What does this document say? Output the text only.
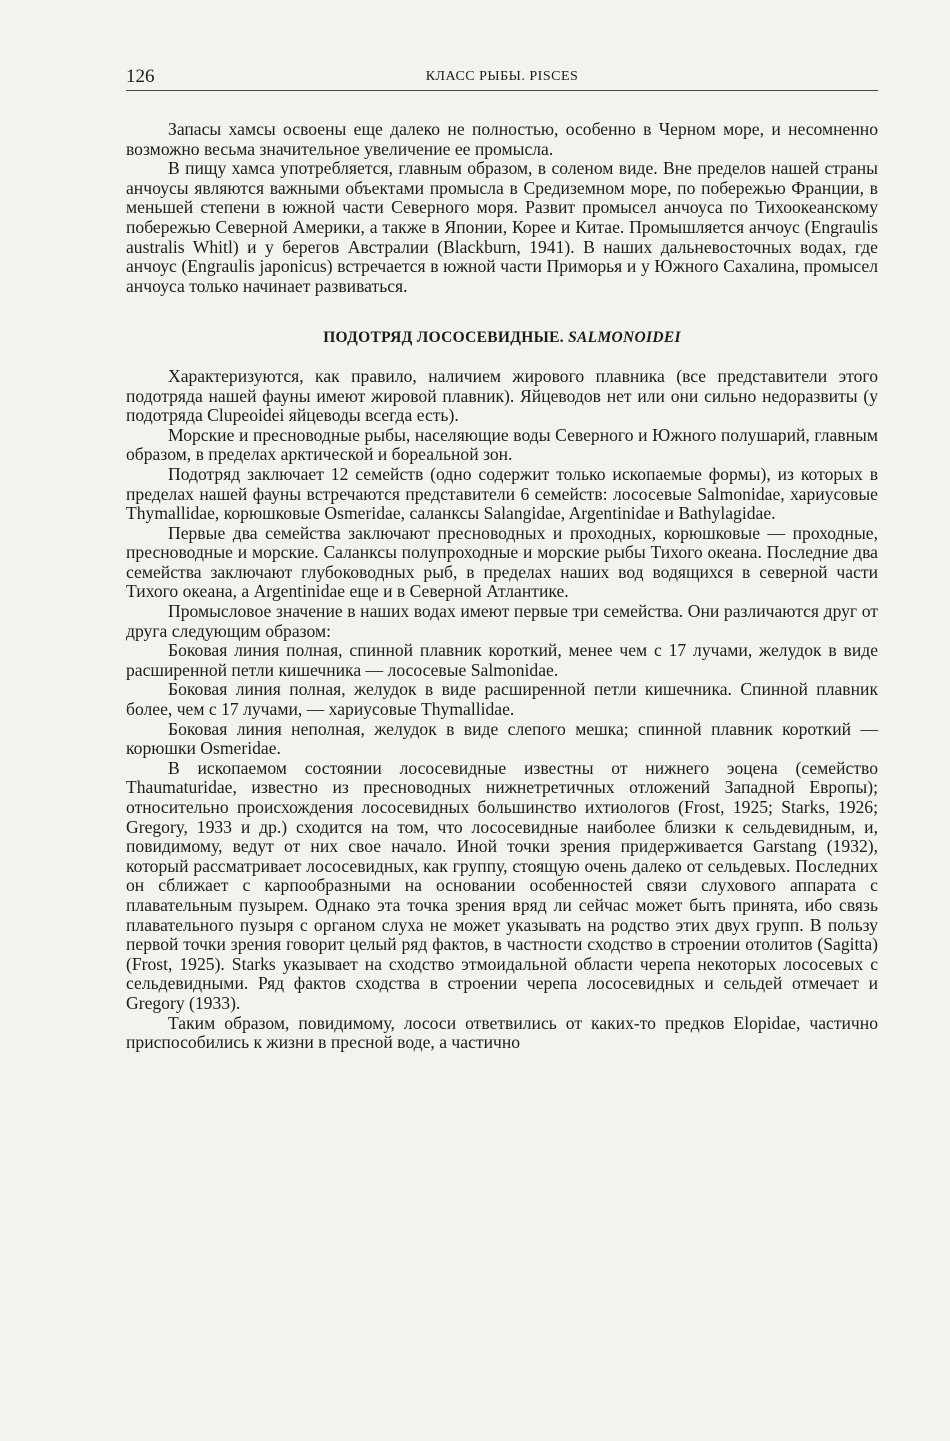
126	КЛАСС РЫБЫ. PISCES

Запасы хамсы освоены еще далеко не полностью, особенно в Черном море, и несомненно возможно весьма значительное увеличение ее промысла.

В пищу хамса употребляется, главным образом, в соленом виде. Вне пределов нашей страны анчоусы являются важными объектами промысла в Средиземном море, по побережью Франции, в меньшей степени в южной части Северного моря. Развит промысел анчоуса по Тихоокеанскому побережью Северной Америки, а также в Японии, Корее и Китае. Промышляется анчоус (Engraulis australis Whitl) и у берегов Австралии (Blackburn, 1941). В наших дальневосточных водах, где анчоус (Engraulis japonicus) встречается в южной части Приморья и у Южного Сахалина, промысел анчоуса только начинает развиваться.

ПОДОТРЯД ЛОСОСЕВИДНЫЕ. SALMONOIDEI

Характеризуются, как правило, наличием жирового плавника (все представители этого подотряда нашей фауны имеют жировой плавник). Яйцеводов нет или они сильно недоразвиты (у подотряда Clupeoidei яйцеводы всегда есть).

Морские и пресноводные рыбы, населяющие воды Северного и Южного полушарий, главным образом, в пределах арктической и бореальной зон.

Подотряд заключает 12 семейств (одно содержит только ископаемые формы), из которых в пределах нашей фауны встречаются представители 6 семейств: лососевые Salmonidae, хариусовые Thymallidae, корюшковые Osmeridae, саланксы Salangidae, Argentinidae и Bathylagidae.

Первые два семейства заключают пресноводных и проходных, корюшковые — проходные, пресноводные и морские. Саланксы полупроходные и морские рыбы Тихого океана. Последние два семейства заключают глубоководных рыб, в пределах наших вод водящихся в северной части Тихого океана, а Argentinidae еще и в Северной Атлантике.

Промысловое значение в наших водах имеют первые три семейства. Они различаются друг от друга следующим образом:

Боковая линия полная, спинной плавник короткий, менее чем с 17 лучами, желудок в виде расширенной петли кишечника — лососевые Salmonidae.

Боковая линия полная, желудок в виде расширенной петли кишечника. Спинной плавник более, чем с 17 лучами, — хариусовые Thymallidae.

Боковая линия неполная, желудок в виде слепого мешка; спинной плавник короткий — корюшки Osmeridae.

В ископаемом состоянии лососевидные известны от нижнего эоцена (семейство Thaumaturidae, известно из пресноводных нижнетретичных отложений Западной Европы); относительно происхождения лососевидных большинство ихтиологов (Frost, 1925; Starks, 1926; Gregory, 1933 и др.) сходится на том, что лососевидные наиболее близки к сельдевидным, и, повидимому, ведут от них свое начало. Иной точки зрения придерживается Garstang (1932), который рассматривает лососевидных, как группу, стоящую очень далеко от сельдевых. Последних он сближает с карпообразными на основании особенностей связи слухового аппарата с плавательным пузырем. Однако эта точка зрения вряд ли сейчас может быть принята, ибо связь плавательного пузыря с органом слуха не может указывать на родство этих двух групп. В пользу первой точки зрения говорит целый ряд фактов, в частности сходство в строении отолитов (Sagitta) (Frost, 1925). Starks указывает на сходство этмоидальной области черепа некоторых лососевых с сельдевидными. Ряд фактов сходства в строении черепа лососевидных и сельдей отмечает и Gregory (1933).

Таким образом, повидимому, лососи ответвились от каких-то предков Elopidae, частично приспособились к жизни в пресной воде, а частично
